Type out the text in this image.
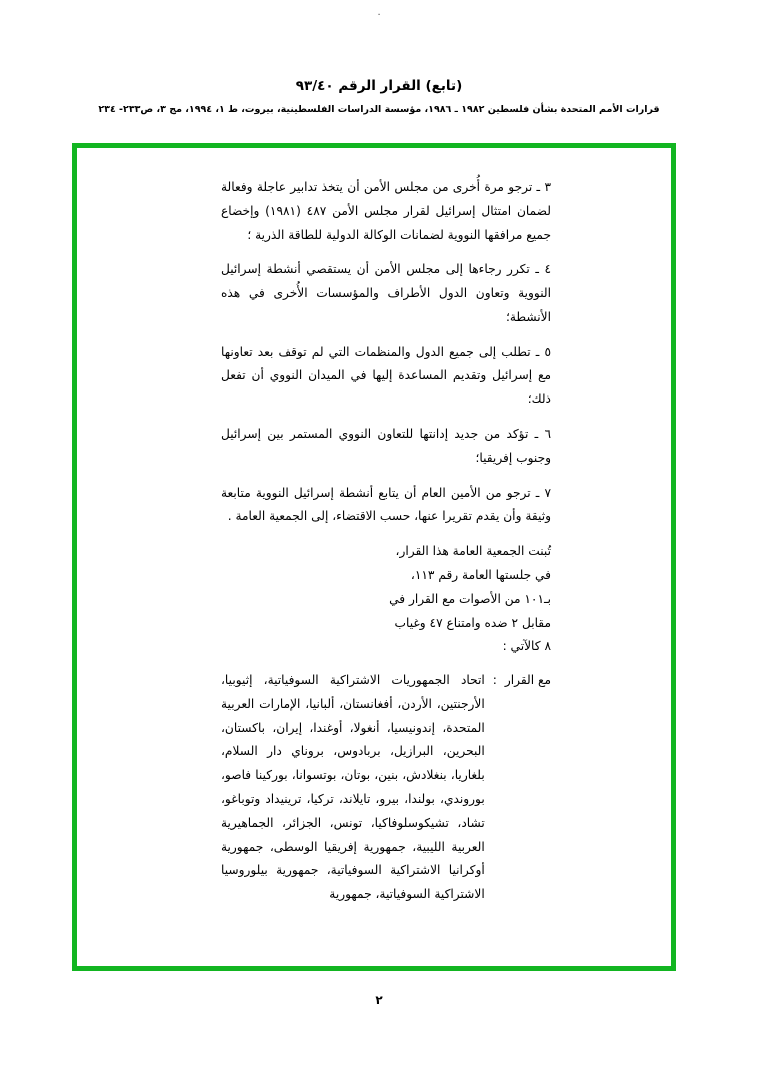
٠
(تابع) القرار الرقم ٩٣/٤٠
قرارات الأمم المتحدة بشأن فلسطين ١٩٨٢ ـ ١٩٨٦، مؤسسة الدراسات الفلسطينية، بيروت، ط ١، ١٩٩٤، مج ٣، ص٢٣٣- ٢٣٤

٣ ـ ترجو مرة أُخرى من مجلس الأمن أن يتخذ تدابير عاجلة وفعالة لضمان امتثال إسرائيل لقرار مجلس الأمن ٤٨٧ (١٩٨١) وإخضاع جميع مرافقها النووية لضمانات الوكالة الدولية للطاقة الذرية ؛

٤ ـ تكرر رجاءها إلى مجلس الأمن أن يستقصي أنشطة إسرائيل النووية وتعاون الدول الأطراف والمؤسسات الأُخرى في هذه الأنشطة؛

٥ ـ تطلب إلى جميع الدول والمنظمات التي لم توقف بعد تعاونها مع إسرائيل وتقديم المساعدة إليها في الميدان النووي أن تفعل ذلك؛

٦ ـ تؤكد من جديد إدانتها للتعاون النووي المستمر بين إسرائيل وجنوب إفريقيا؛

٧ ـ ترجو من الأمين العام أن يتابع أنشطة إسرائيل النووية متابعة وثيقة وأن يقدم تقريرا عنها، حسب الاقتضاء، إلى الجمعية العامة .

تُبنت الجمعية العامة هذا القرار،
في جلستها العامة رقم ١١٣،
بـ١٠١ من الأصوات مع القرار في
مقابل ٢ ضده وامتناع ٤٧ وغياب
٨ كالآتي :
مع القرار
:
اتحاد الجمهوريات الاشتراكية السوفياتية، إثيوبيا، الأرجنتين، الأردن، أفغانستان، ألبانيا، الإمارات العربية المتحدة، إندونيسيا، أنغولا، أوغندا، إيران، باكستان، البحرين، البرازيل، بربادوس، بروناي دار السلام، بلغاريا، بنغلادش، بنين، بوتان، بوتسوانا، بوركينا فاصو، بوروندي، بولندا، بيرو، تايلاند، تركيا، ترينيداد وتوباغو، تشاد، تشيكوسلوفاكيا، تونس، الجزائر، الجماهيرية العربية الليبية، جمهورية إفريقيا الوسطى، جمهورية أوكرانيا الاشتراكية السوفياتية، جمهورية بيلوروسيا الاشتراكية السوفياتية، جمهورية
٢
